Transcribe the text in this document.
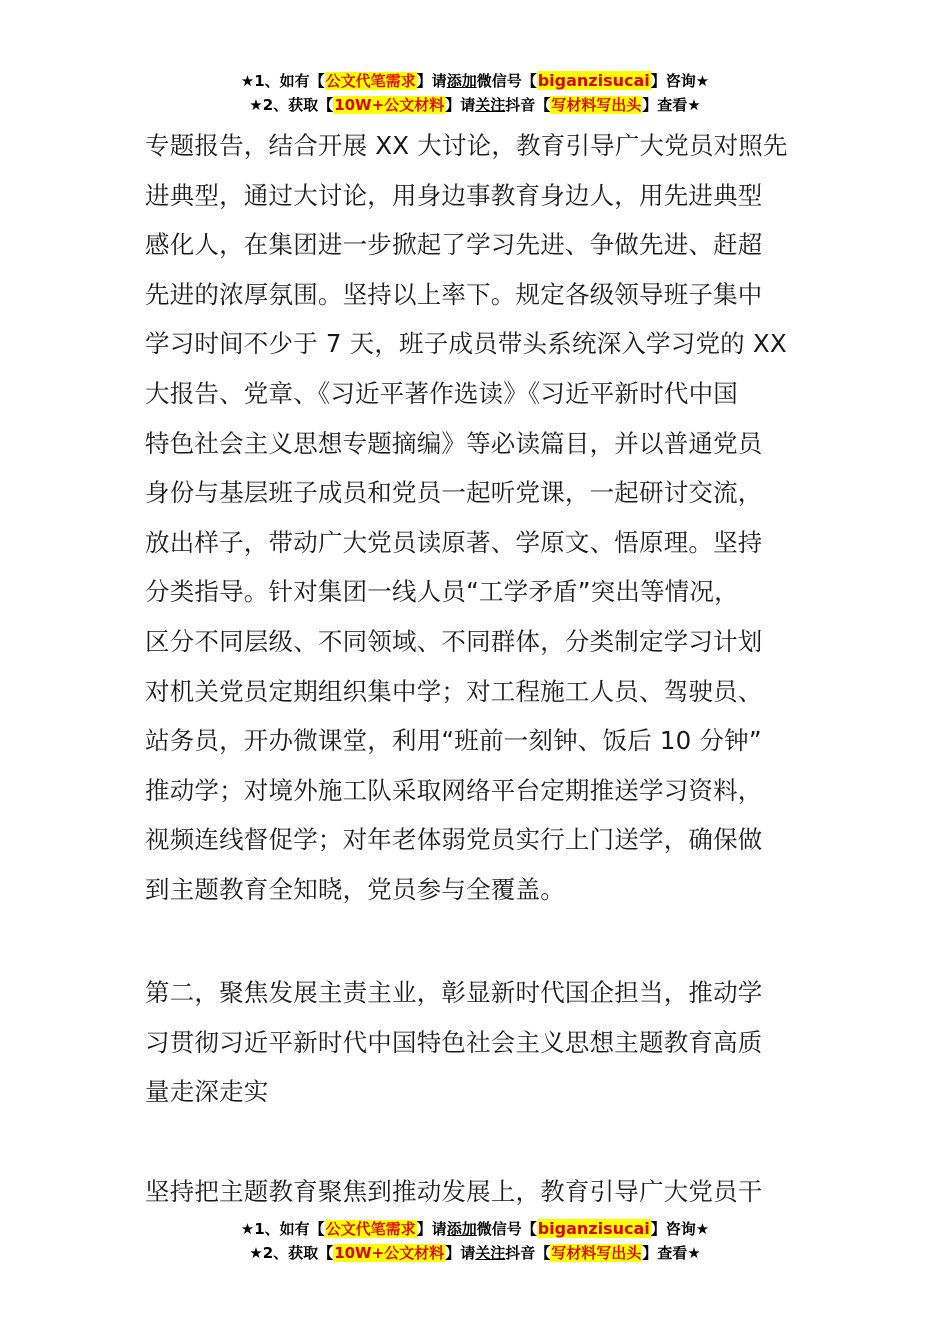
★1、如有【公文代笔需求】请添加微信号【biganzisucai】咨询★
★2、获取【10W+公文材料】请关注抖音【写材料写出头】查看★
专题报告，结合开展 XX 大讨论，教育引导广大党员对照先
进典型，通过大讨论，用身边事教育身边人，用先进典型
感化人，在集团进一步掀起了学习先进、争做先进、赶超
先进的浓厚氛围。坚持以上率下。规定各级领导班子集中
学习时间不少于 7 天，班子成员带头系统深入学习党的 XX
大报告、党章、《习近平著作选读》《习近平新时代中国
特色社会主义思想专题摘编》等必读篇目，并以普通党员
身份与基层班子成员和党员一起听党课，一起研讨交流，
放出样子，带动广大党员读原著、学原文、悟原理。坚持
分类指导。针对集团一线人员“工学矛盾”突出等情况，
区分不同层级、不同领域、不同群体，分类制定学习计划
对机关党员定期组织集中学；对工程施工人员、驾驶员、
站务员，开办微课堂，利用“班前一刻钟、饭后 10 分钟”
推动学；对境外施工队采取网络平台定期推送学习资料，
视频连线督促学；对年老体弱党员实行上门送学，确保做
到主题教育全知晓，党员参与全覆盖。
第二，聚焦发展主责主业，彰显新时代国企担当，推动学
习贯彻习近平新时代中国特色社会主义思想主题教育高质
量走深走实
坚持把主题教育聚焦到推动发展上，教育引导广大党员干
★1、如有【公文代笔需求】请添加微信号【biganzisucai】咨询★
★2、获取【10W+公文材料】请关注抖音【写材料写出头】查看★
